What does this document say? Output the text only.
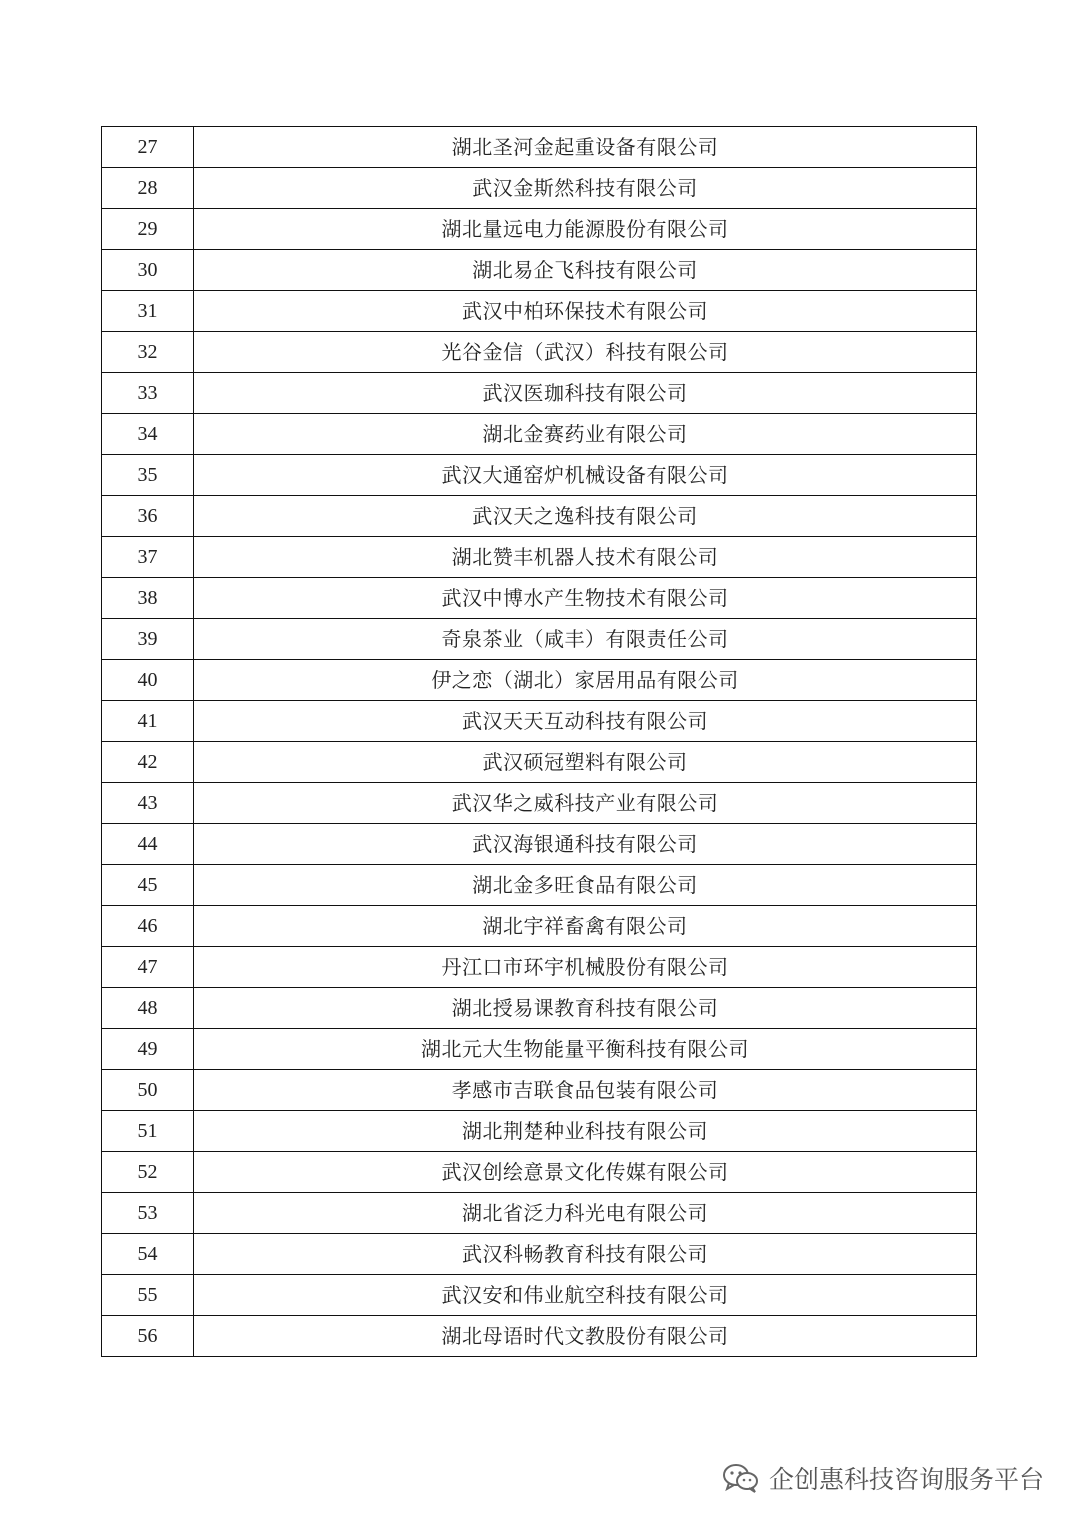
27	湖北圣河金起重设备有限公司
28	武汉金斯然科技有限公司
29	湖北量远电力能源股份有限公司
30	湖北易企飞科技有限公司
31	武汉中柏环保技术有限公司
32	光谷金信（武汉）科技有限公司
33	武汉医珈科技有限公司
34	湖北金赛药业有限公司
35	武汉大通窑炉机械设备有限公司
36	武汉天之逸科技有限公司
37	湖北赞丰机器人技术有限公司
38	武汉中博水产生物技术有限公司
39	奇泉茶业（咸丰）有限责任公司
40	伊之恋（湖北）家居用品有限公司
41	武汉天天互动科技有限公司
42	武汉硕冠塑料有限公司
43	武汉华之威科技产业有限公司
44	武汉海银通科技有限公司
45	湖北金多旺食品有限公司
46	湖北宇祥畜禽有限公司
47	丹江口市环宇机械股份有限公司
48	湖北授易课教育科技有限公司
49	湖北元大生物能量平衡科技有限公司
50	孝感市吉联食品包装有限公司
51	湖北荆楚种业科技有限公司
52	武汉创绘意景文化传媒有限公司
53	湖北省泛力科光电有限公司
54	武汉科畅教育科技有限公司
55	武汉安和伟业航空科技有限公司
56	湖北母语时代文教股份有限公司
企创惠科技咨询服务平台
